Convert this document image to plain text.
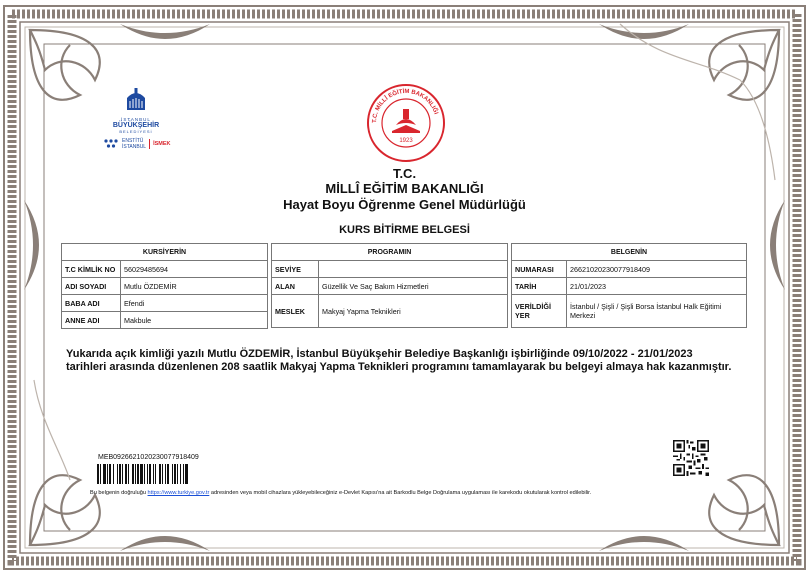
İSTANBUL
BÜYÜKŞEHİR
BELEDİYESİ
ENSTİTÜ
İSTANBUL İSMEK
T.C. MİLLÎ EĞİTİM BAKANLIĞI
1923
T.C.
MİLLÎ EĞİTİM BAKANLIĞI
Hayat Boyu Öğrenme Genel Müdürlüğü
KURS BİTİRME BELGESİ
KURSİYERİN	
T.C KİMLİK NO	56029485694
ADI SOYADI	Mutlu ÖZDEMİR
BABA ADI	Efendi
ANNE ADI	Makbule
PROGRAMIN	
SEVİYE	
ALAN	Güzellik Ve Saç Bakım Hizmetleri
MESLEK	Makyaj Yapma Teknikleri
BELGENİN	
NUMARASI	26621020230077918409
TARİH	21/01/2023
VERİLDİĞİ YER	İstanbul / Şişli / Şişli Borsa İstanbul Halk Eğitimi Merkezi
Yukarıda açık kimliği yazılı Mutlu ÖZDEMİR, İstanbul Büyükşehir Belediye Başkanlığı işbirliğinde 09/10/2022 - 21/01/2023 tarihleri arasında düzenlenen 208 saatlik Makyaj Yapma Teknikleri programını tamamlayarak bu belgeyi almaya hak kazanmıştır.
MEB09266210202300779184​09
Bu belgenin doğruluğu https://www.turkiye.gov.tr adresinden veya mobil cihazlara yükleyebileceğiniz e-Devlet Kapısı'na ait Barkodlu Belge Doğrulama uygulaması ile karekodu okutularak kontrol edilebilir.
